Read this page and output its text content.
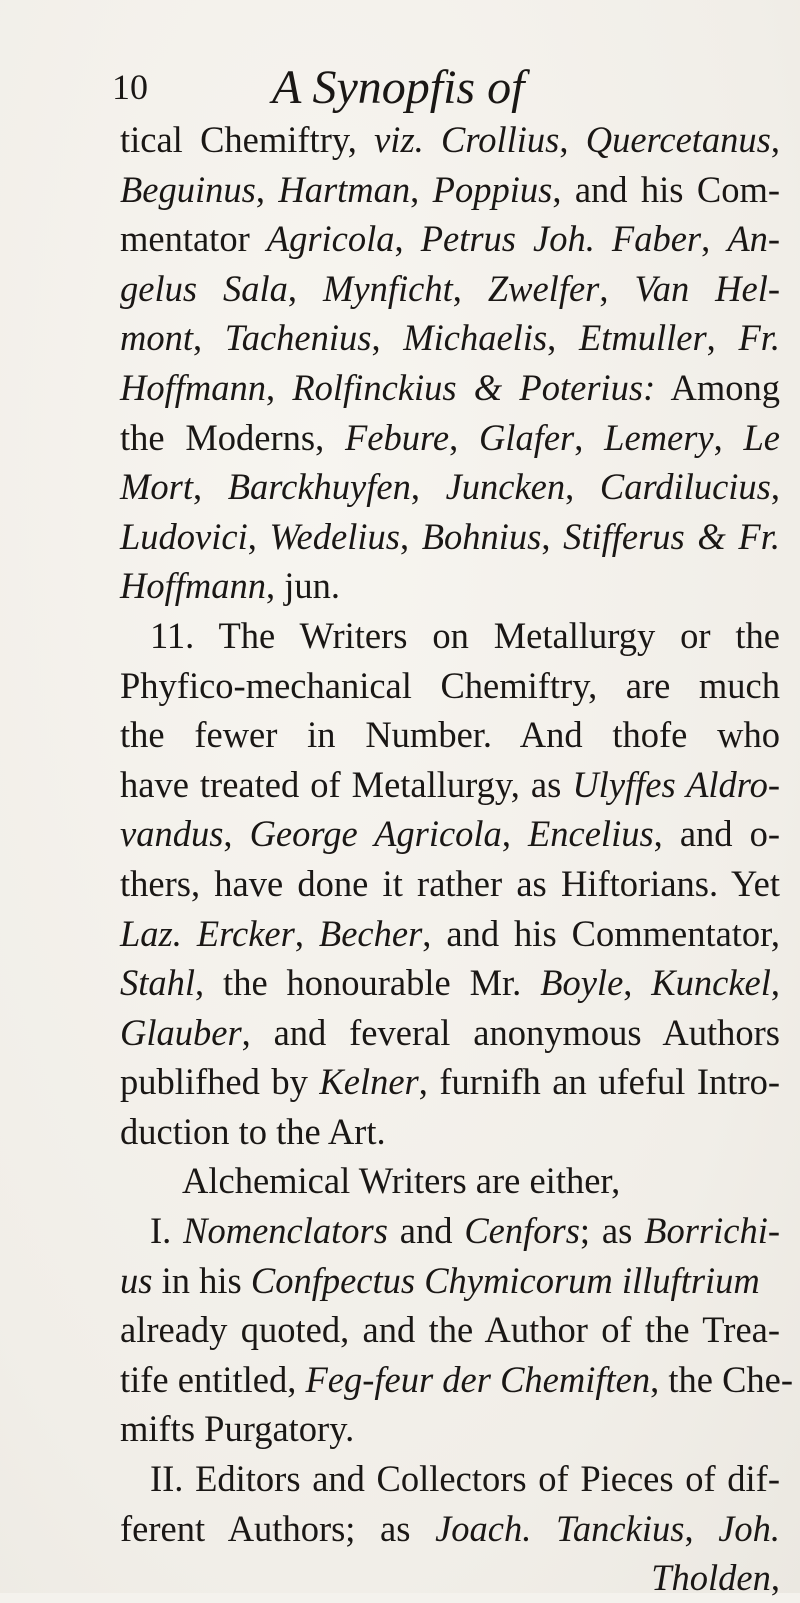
10	A Synopfis of
tical Chemiftry, viz. Crollius, Quercetanus,
Beguinus, Hartman, Poppius, and his Com-
mentator Agricola, Petrus Joh. Faber, An-
gelus Sala, Mynficht, Zwelfer, Van Hel-
mont, Tachenius, Michaelis, Etmuller, Fr.
Hoffmann, Rolfinckius & Poterius: Among
the Moderns, Febure, Glafer, Lemery, Le
Mort, Barckhuyfen, Juncken, Cardilucius,
Ludovici, Wedelius, Bohnius, Stifferus & Fr.
Hoffmann, jun.
11. The Writers on Metallurgy or the
Phyfico-mechanical Chemiftry, are much
the fewer in Number. And thofe who
have treated of Metallurgy, as Ulyffes Aldro-
vandus, George Agricola, Encelius, and o-
thers, have done it rather as Hiftorians. Yet
Laz. Ercker, Becher, and his Commentator,
Stahl, the honourable Mr. Boyle, Kunckel,
Glauber, and feveral anonymous Authors
publifhed by Kelner, furnifh an ufeful Intro-
duction to the Art.
Alchemical Writers are either,
I. Nomenclators and Cenfors; as Borrichi-
us in his Confpectus Chymicorum illuftrium
already quoted, and the Author of the Trea-
tife entitled, Feg-feur der Chemiften, the Che-
mifts Purgatory.
II. Editors and Collectors of Pieces of dif-
ferent Authors; as Joach. Tanckius, Joh.
Tholden,
